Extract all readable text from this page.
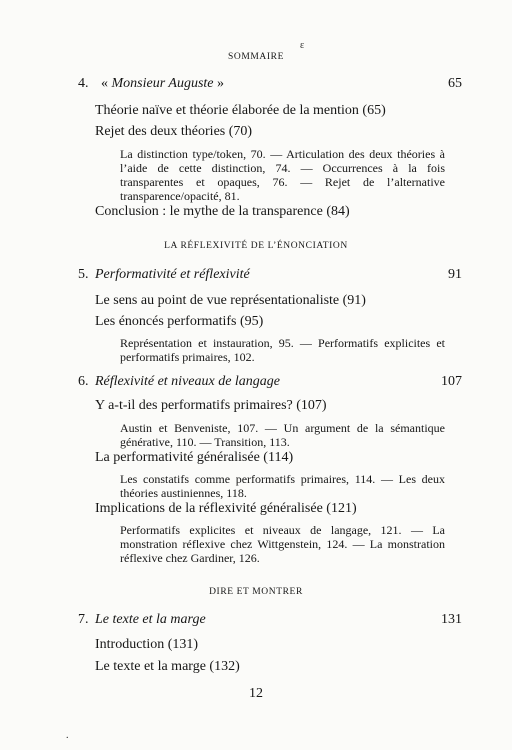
SOMMAIRE
ε
4. « Monsieur Auguste »	65
Théorie naïve et théorie élaborée de la mention (65)
Rejet des deux théories (70)
La distinction type/token, 70. — Articulation des deux théories à l’aide de cette distinction, 74. — Occurrences à la fois transparentes et opaques, 76. — Rejet de l’alternative transparence/opacité, 81.
Conclusion : le mythe de la transparence (84)
LA RÉFLEXIVITÉ DE L’ÉNONCIATION
5. Performativité et réflexivité	91
Le sens au point de vue représentationaliste (91)
Les énoncés performatifs (95)
Représentation et instauration, 95. — Performatifs explicites et performatifs primaires, 102.
6. Réflexivité et niveaux de langage	107
Y a-t-il des performatifs primaires? (107)
Austin et Benveniste, 107. — Un argument de la sémantique générative, 110. — Transition, 113.
La performativité généralisée (114)
Les constatifs comme performatifs primaires, 114. — Les deux théories austiniennes, 118.
Implications de la réflexivité généralisée (121)
Performatifs explicites et niveaux de langage, 121. — La monstration réflexive chez Wittgenstein, 124. — La monstration réflexive chez Gardiner, 126.
DIRE ET MONTRER
7. Le texte et la marge	131
Introduction (131)
Le texte et la marge (132)
12
.
